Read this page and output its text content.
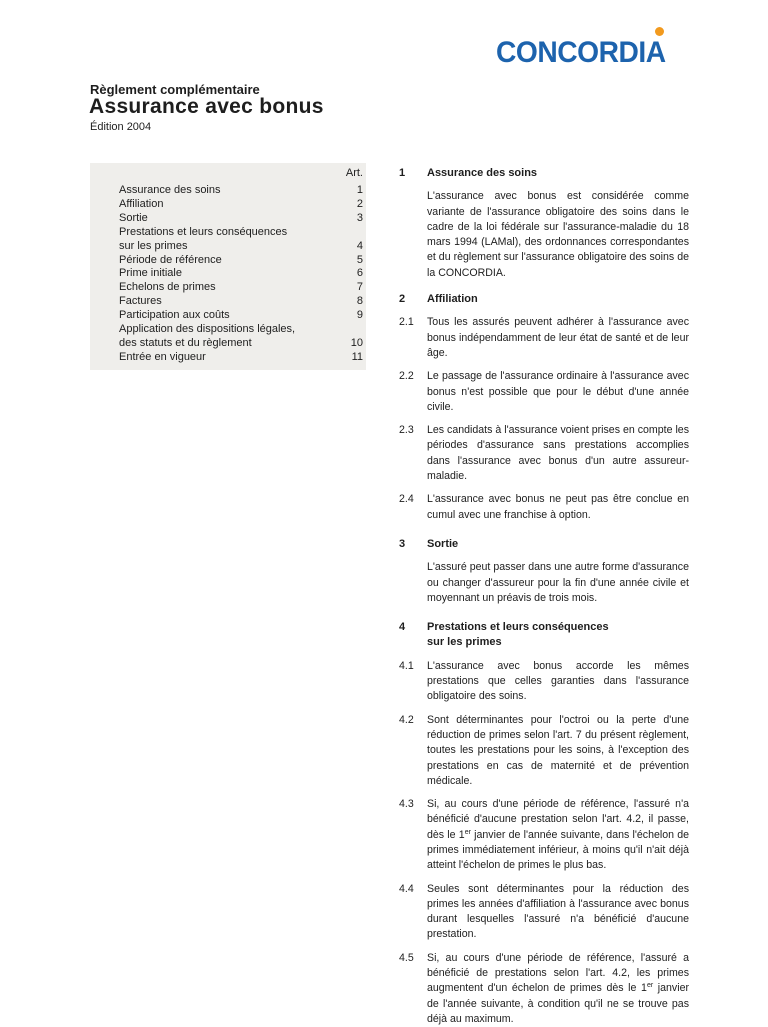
CONCORDIA

Règlement complémentaire

Assurance avec bonus
Édition 2004
Art.
Assurance des soins	1
Affiliation	2
Sortie	3
Prestations et leurs conséquences
sur les primes	4
Période de référence	5
Prime initiale	6
Echelons de primes	7
Factures	8
Participation aux coûts	9
Application des dispositions légales,
des statuts et du règlement	10
Entrée en vigueur	11
1	Assurance des soins
L'assurance avec bonus est considérée comme variante de l'assurance obligatoire des soins dans le cadre de la loi fédérale sur l'assurance-maladie du 18 mars 1994 (LAMal), des ordonnances correspondantes et du règlement sur l'assurance obligatoire des soins de la CONCORDIA.
2	Affiliation
2.1	Tous les assurés peuvent adhérer à l'assurance avec bonus indépendamment de leur état de santé et de leur âge.
2.2	Le passage de l'assurance ordinaire à l'assurance avec bonus n'est possible que pour le début d'une année civile.
2.3	Les candidats à l'assurance voient prises en compte les périodes d'assurance sans prestations accomplies dans l'assurance avec bonus d'un autre assureur-maladie.
2.4	L'assurance avec bonus ne peut pas être conclue en cumul avec une franchise à option.
3	Sortie
L'assuré peut passer dans une autre forme d'assurance ou changer d'assureur pour la fin d'une année civile et moyennant un préavis de trois mois.
4	Prestations et leurs conséquences
sur les primes
4.1	L'assurance avec bonus accorde les mêmes prestations que celles garanties dans l'assurance obligatoire des soins.
4.2	Sont déterminantes pour l'octroi ou la perte d'une réduction de primes selon l'art. 7 du présent règlement, toutes les prestations pour les soins, à l'exception des prestations en cas de maternité et de prévention médicale.
4.3	Si, au cours d'une période de référence, l'assuré n'a bénéficié d'aucune prestation selon l'art. 4.2, il passe, dès le 1er janvier de l'année suivante, dans l'échelon de primes immédiatement inférieur, à moins qu'il n'ait déjà atteint l'échelon de primes le plus bas.
4.4	Seules sont déterminantes pour la réduction des primes les années d'affiliation à l'assurance avec bonus durant lesquelles l'assuré n'a bénéficié d'aucune prestation.
4.5	Si, au cours d'une période de référence, l'assuré a bénéficié de prestations selon l'art. 4.2, les primes augmentent d'un échelon de primes dès le 1er janvier de l'année suivante, à condition qu'il ne se trouve pas déjà au maximum.
